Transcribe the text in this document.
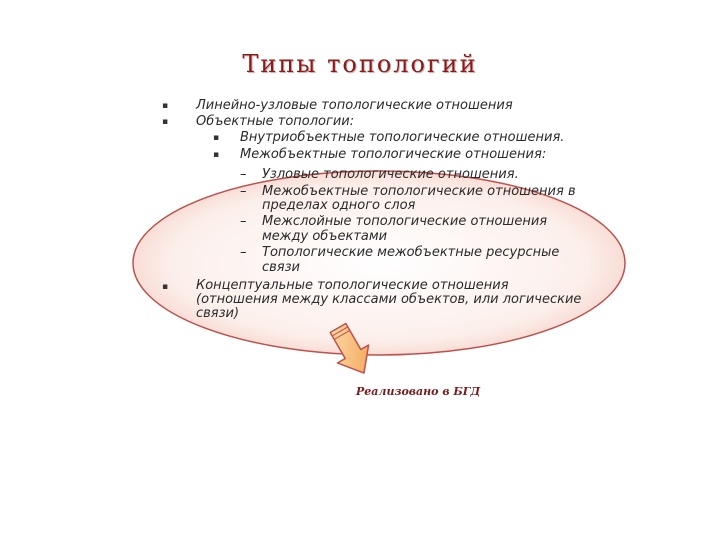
Типы топологий
▪
▪
▪
▪
▪
–
–
–
–
Линейно-узловые топологические отношения
Объектные топологии:
Внутриобъектные топологические отношения.
Межобъектные топологические отношения:
Узловые топологические отношения.
Межобъектные топологические отношения в
пределах одного слоя
Межслойные топологические отношения
между объектами
Топологические межобъектные ресурсные
связи
Концептуальные топологические отношения
(отношения между классами объектов, или логические
связи)
Реализовано в БГД
